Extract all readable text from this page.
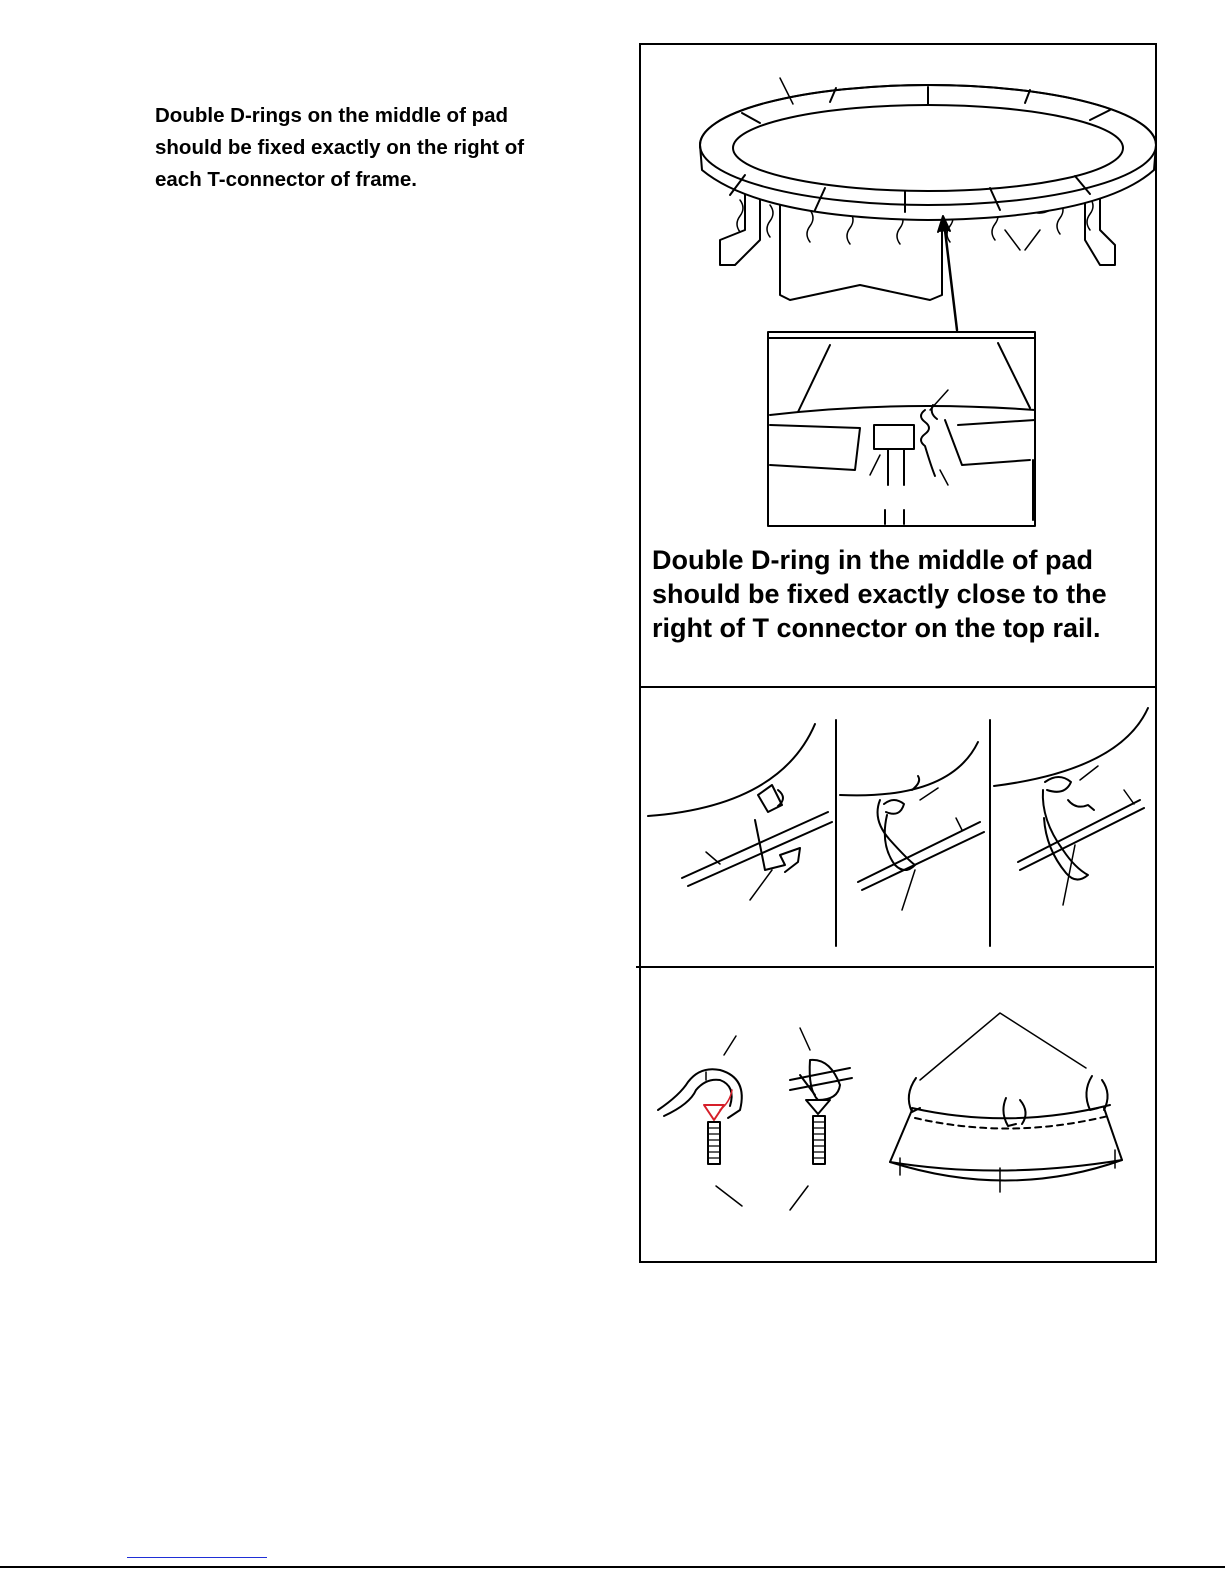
Double D-rings on the middle of pad
should be fixed exactly on the right of
each T-connector of frame.

Double D-ring in the middle of pad
should be fixed exactly close to the
right of T connector on the top rail.
